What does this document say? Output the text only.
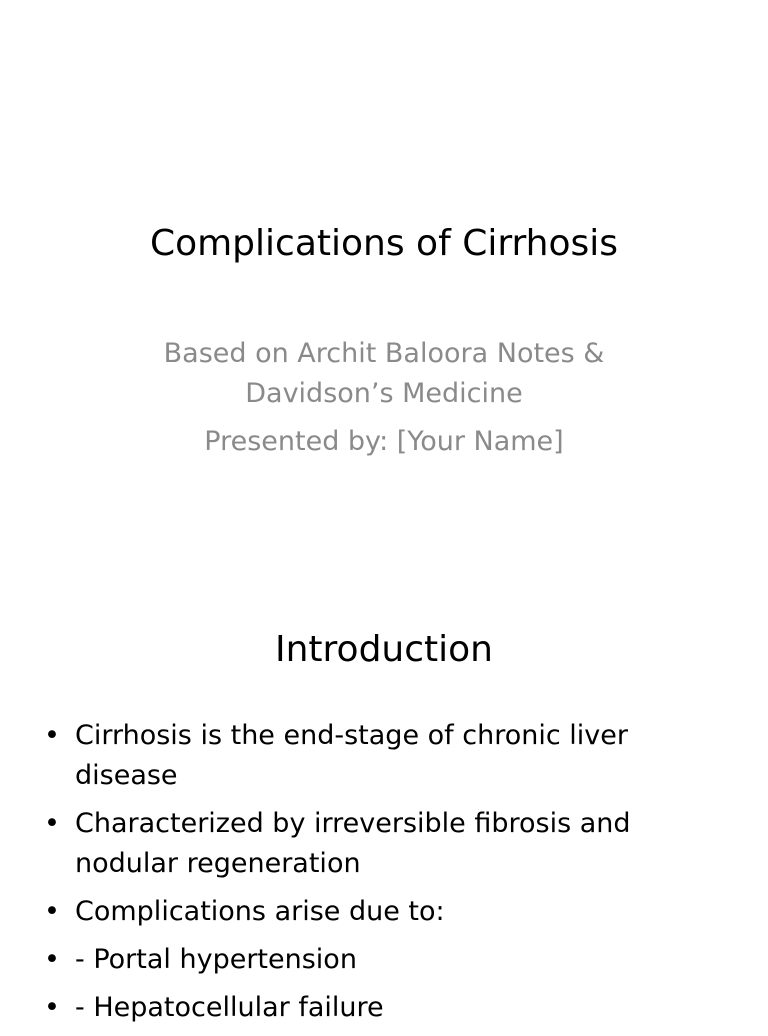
Complications of Cirrhosis
Based on Archit Baloora Notes &
Davidson’s Medicine
Presented by: [Your Name]
Introduction
• Cirrhosis is the end-stage of chronic liver disease
• Characterized by irreversible fibrosis and nodular regeneration
• Complications arise due to:
• - Portal hypertension
• - Hepatocellular failure
